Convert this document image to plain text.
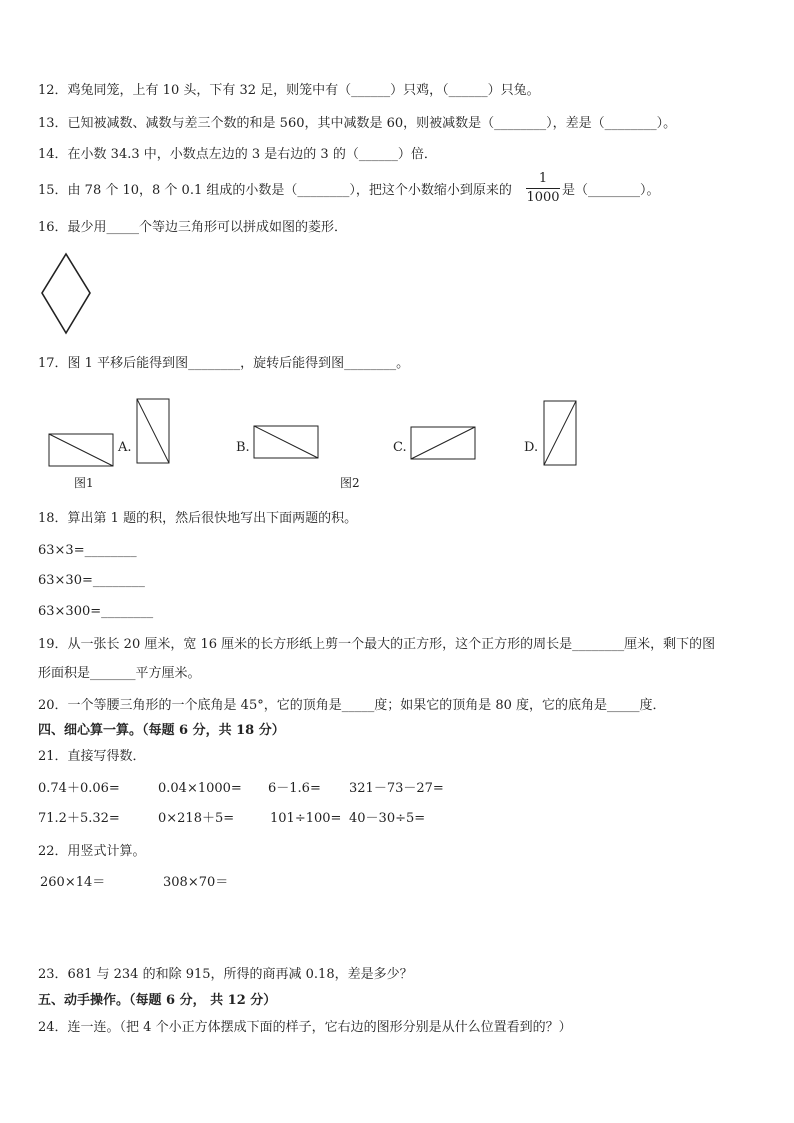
12．鸡兔同笼，上有 10 头，下有 32 足，则笼中有（______）只鸡，（______）只兔。
13．已知被减数、减数与差三个数的和是 560，其中减数是 60，则被减数是（________），差是（________）。
14．在小数 34.3 中，小数点左边的 3 是右边的 3 的（______）倍．
15．由 78 个 10，8 个 0.1 组成的小数是（________），把这个小数缩小到原来的
1
1000 是（________）。
16．最少用_____个等边三角形可以拼成如图的菱形．
17．图 1 平移后能得到图________，旋转后能得到图________。
图1
A.	B.
图2
C.	D.
18．算出第 1 题的积，然后很快地写出下面两题的积。
63×3=________
63×30=________
63×300=________
19．从一张长 20 厘米，宽 16 厘米的长方形纸上剪一个最大的正方形，这个正方形的周长是________厘米，剩下的图
形面积是_______平方厘米。
20．一个等腰三角形的一个底角是 45°，它的顶角是_____度；如果它的顶角是 80 度，它的底角是_____度．
四、细心算一算。（每题 6 分，共 18 分）
21．直接写得数．
0.74＋0.06=	0.04×1000= 6－1.6= 321－73－27=
71.2＋5.32=	0×218＋5=	101÷100= 40－30÷5=
22．用竖式计算。
260×14＝	308×70＝
23．681 与 234 的和除 915，所得的商再减 0.18，差是多少？
五、动手操作。（每题 6 分， 共 12 分）
24．连一连。（把 4 个小正方体摆成下面的样子，它右边的图形分别是从什么位置看到的？）
